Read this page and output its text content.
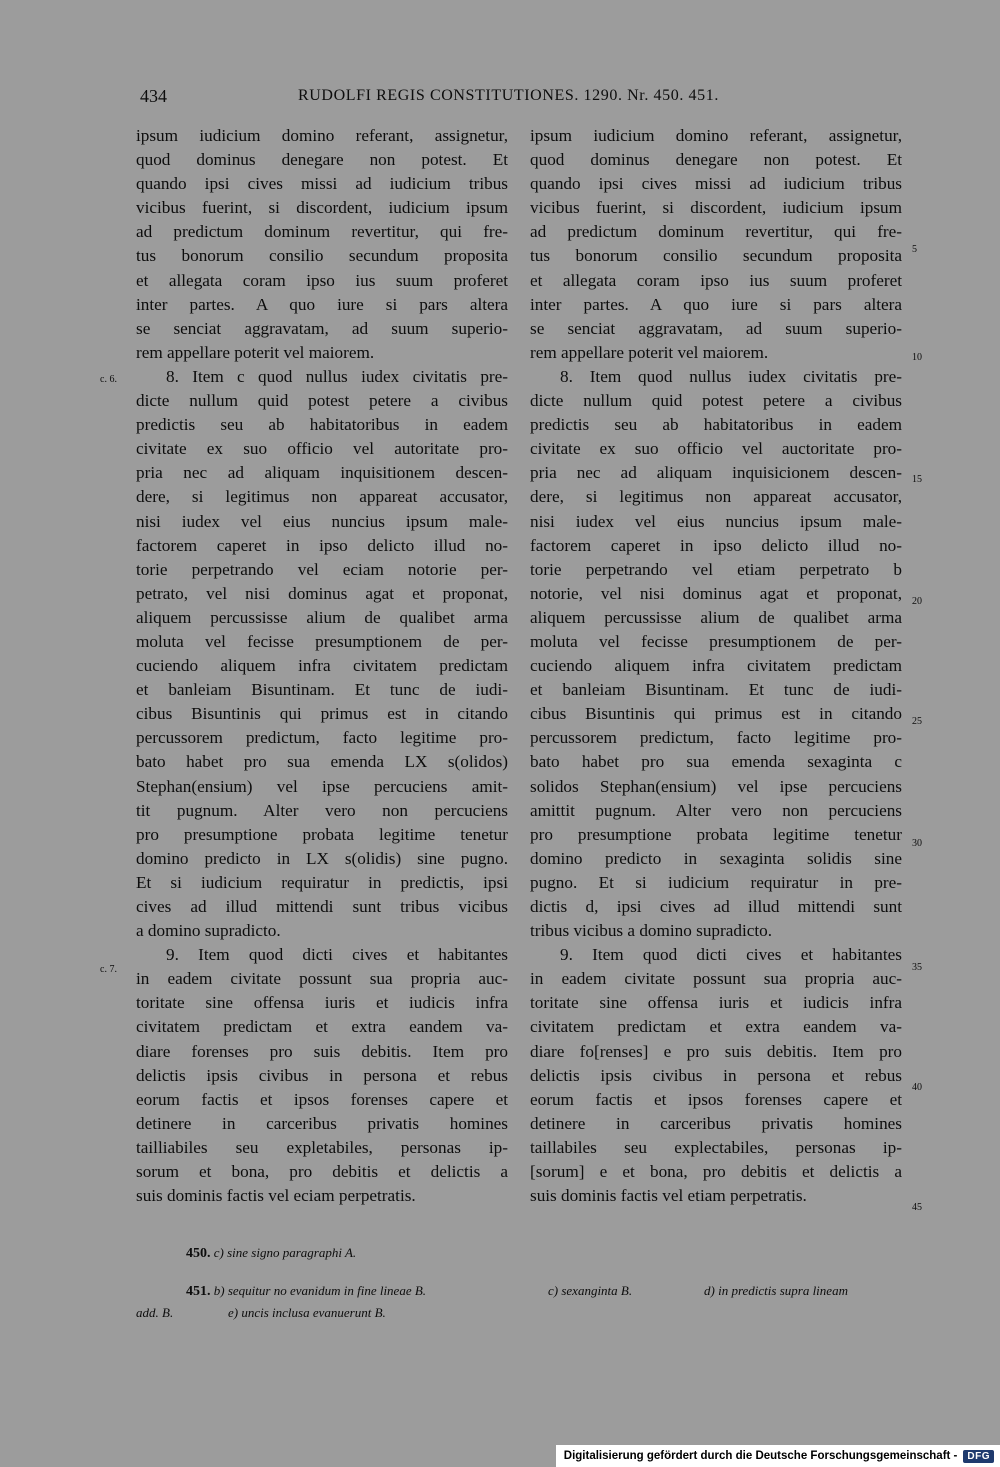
434	RUDOLFI REGIS CONSTITUTIONES. 1290. Nr. 450. 451.
ipsum iudicium domino referant, assignetur,
quod dominus denegare non potest. Et
quando ipsi cives missi ad iudicium tribus
vicibus fuerint, si discordent, iudicium ipsum
ad predictum dominum revertitur, qui fre-
tus bonorum consilio secundum proposita
et allegata coram ipso ius suum proferet
inter partes. A quo iure si pars altera
se senciat aggravatam, ad suum superio-
rem appellare poterit vel maiorem.
8. Item c quod nullus iudex civitatis pre-
dicte nullum quid potest petere a civibus
predictis seu ab habitatoribus in eadem
civitate ex suo officio vel autoritate pro-
pria nec ad aliquam inquisitionem descen-
dere, si legitimus non appareat accusator,
nisi iudex vel eius nuncius ipsum male-
factorem caperet in ipso delicto illud no-
torie perpetrando vel eciam notorie per-
petrato, vel nisi dominus agat et proponat,
aliquem percussisse alium de qualibet arma
moluta vel fecisse presumptionem de per-
cuciendo aliquem infra civitatem predictam
et banleiam Bisuntinam. Et tunc de iudi-
cibus Bisuntinis qui primus est in citando
percussorem predictum, facto legitime pro-
bato habet pro sua emenda LX s(olidos)
Stephan(ensium) vel ipse percuciens amit-
tit pugnum. Alter vero non percuciens
pro presumptione probata legitime tenetur
domino predicto in LX s(olidis) sine pugno.
Et si iudicium requiratur in predictis, ipsi
cives ad illud mittendi sunt tribus vicibus
a domino supradicto.
9. Item quod dicti cives et habitantes
in eadem civitate possunt sua propria auc-
toritate sine offensa iuris et iudicis infra
civitatem predictam et extra eandem va-
diare forenses pro suis debitis. Item pro
delictis ipsis civibus in persona et rebus
eorum factis et ipsos forenses capere et
detinere in carceribus privatis homines
tailliabiles seu expletabiles, personas ip-
sorum et bona, pro debitis et delictis a
suis dominis factis vel eciam perpetratis.
ipsum iudicium domino referant, assignetur,
quod dominus denegare non potest. Et
quando ipsi cives missi ad iudicium tribus
vicibus fuerint, si discordent, iudicium ipsum
ad predictum dominum revertitur, qui fre-
tus bonorum consilio secundum proposita
et allegata coram ipso ius suum proferet
inter partes. A quo iure si pars altera
se senciat aggravatam, ad suum superio-
rem appellare poterit vel maiorem.
8. Item quod nullus iudex civitatis pre-
dicte nullum quid potest petere a civibus
predictis seu ab habitatoribus in eadem
civitate ex suo officio vel auctoritate pro-
pria nec ad aliquam inquisicionem descen-
dere, si legitimus non appareat accusator,
nisi iudex vel eius nuncius ipsum male-
factorem caperet in ipso delicto illud no-
torie perpetrando vel etiam perpetrato b
notorie, vel nisi dominus agat et proponat,
aliquem percussisse alium de qualibet arma
moluta vel fecisse presumptionem de per-
cuciendo aliquem infra civitatem predictam
et banleiam Bisuntinam. Et tunc de iudi-
cibus Bisuntinis qui primus est in citando
percussorem predictum, facto legitime pro-
bato habet pro sua emenda sexaginta c
solidos Stephan(ensium) vel ipse percuciens
amittit pugnum. Alter vero non percuciens
pro presumptione probata legitime tenetur
domino predicto in sexaginta solidis sine
pugno. Et si iudicium requiratur in pre-
dictis d, ipsi cives ad illud mittendi sunt
tribus vicibus a domino supradicto.
9. Item quod dicti cives et habitantes
in eadem civitate possunt sua propria auc-
toritate sine offensa iuris et iudicis infra
civitatem predictam et extra eandem va-
diare fo[renses] e pro suis debitis. Item pro
delictis ipsis civibus in persona et rebus
eorum factis et ipsos forenses capere et
detinere in carceribus privatis homines
taillabiles seu explectabiles, personas ip-
[sorum] e et bona, pro debitis et delictis a
suis dominis factis vel etiam perpetratis.
c. 6.
c. 7.
5
10
15
20
25
30
35
40
45
450. c) sine signo paragraphi A.
451. b) sequitur no evanidum in fine lineae B.	c) sexanginta B.	d) in predictis supra lineam
add. B.	e) uncis inclusa evanuerunt B.
Digitalisierung gefördert durch die Deutsche Forschungsgemeinschaft -	DFG
